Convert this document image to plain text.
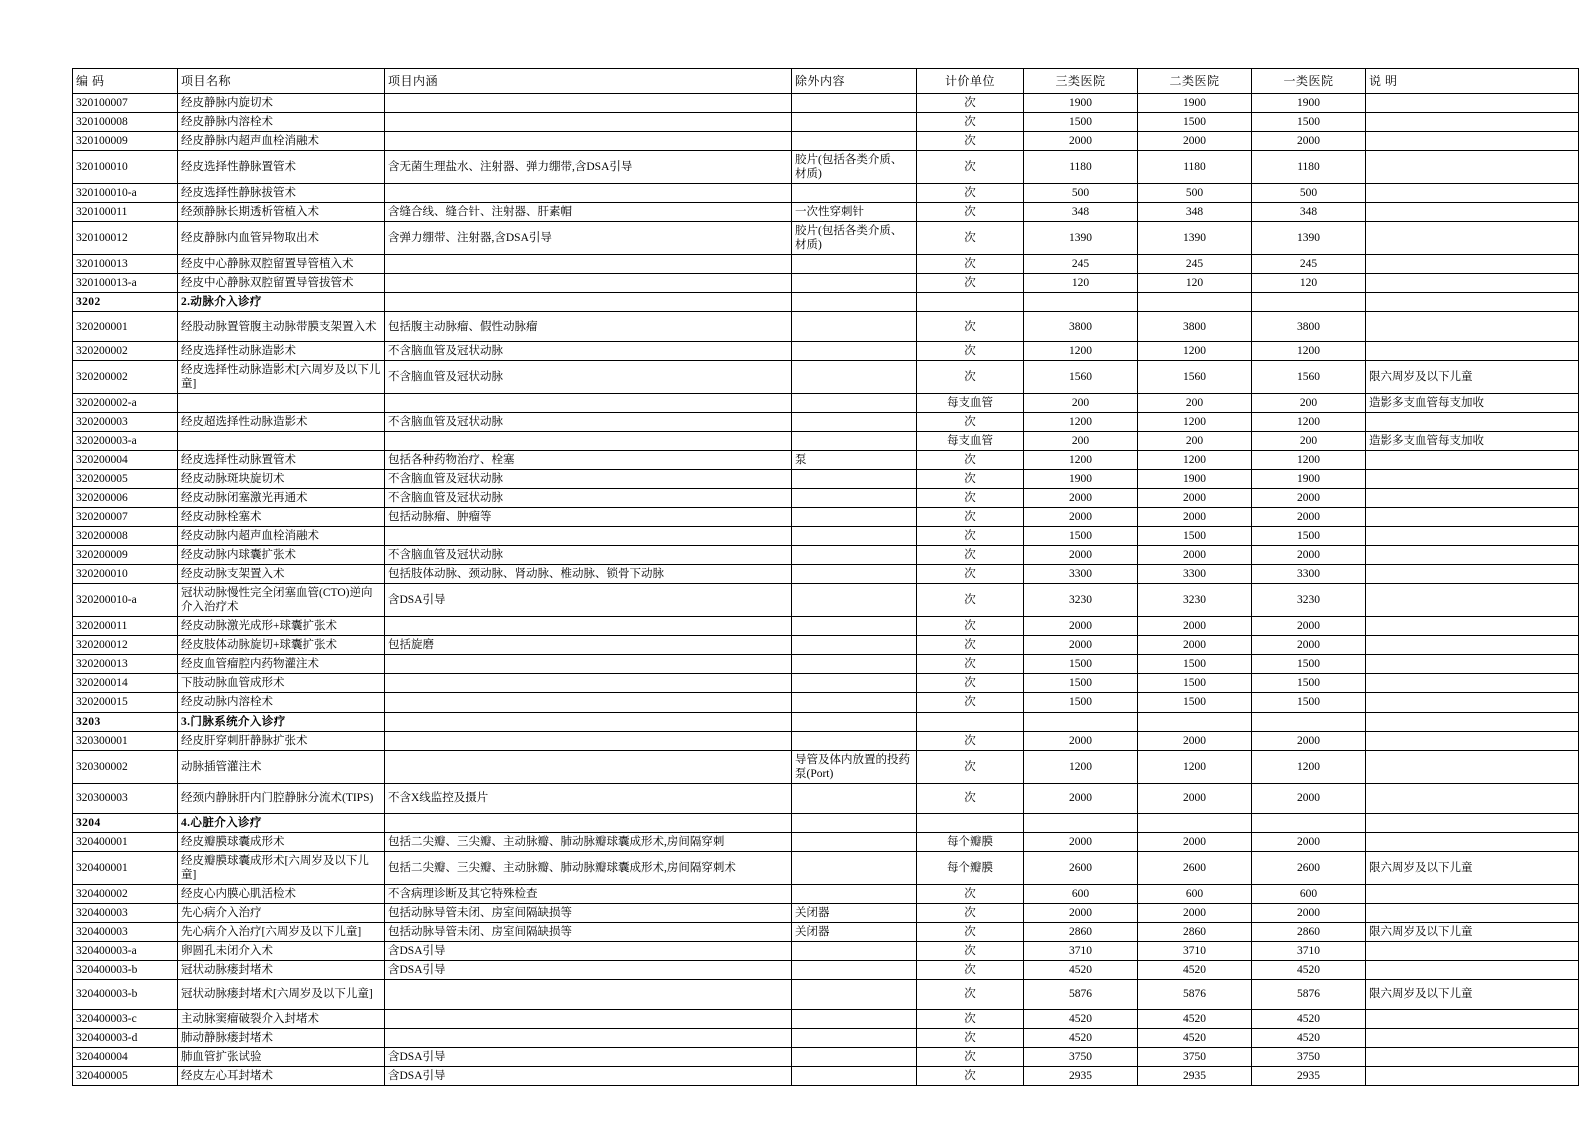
编 码	项目名称	项目内涵	除外内容	计价单位	三类医院	二类医院	一类医院	说 明
320100007	经皮静脉内旋切术			次	1900	1900	1900	
320100008	经皮静脉内溶栓术			次	1500	1500	1500	
320100009	经皮静脉内超声血栓消融术			次	2000	2000	2000	
320100010	经皮选择性静脉置管术	含无菌生理盐水、注射器、弹力绷带,含DSA引导	胶片(包括各类介质、材质)	次	1180	1180	1180	
320100010-a	经皮选择性静脉拔管术			次	500	500	500	
320100011	经颈静脉长期透析管植入术	含缝合线、缝合针、注射器、肝素帽	一次性穿刺针	次	348	348	348	
320100012	经皮静脉内血管异物取出术	含弹力绷带、注射器,含DSA引导	胶片(包括各类介质、材质)	次	1390	1390	1390	
320100013	经皮中心静脉双腔留置导管植入术			次	245	245	245	
320100013-a	经皮中心静脉双腔留置导管拔管术			次	120	120	120	
3202	2.动脉介入诊疗							
320200001	经股动脉置管腹主动脉带膜支架置入术	包括腹主动脉瘤、假性动脉瘤		次	3800	3800	3800	
320200002	经皮选择性动脉造影术	不含脑血管及冠状动脉		次	1200	1200	1200	
320200002	经皮选择性动脉造影术[六周岁及以下儿童]	不含脑血管及冠状动脉		次	1560	1560	1560	限六周岁及以下儿童
320200002-a				每支血管	200	200	200	造影多支血管每支加收
320200003	经皮超选择性动脉造影术	不含脑血管及冠状动脉		次	1200	1200	1200	
320200003-a				每支血管	200	200	200	造影多支血管每支加收
320200004	经皮选择性动脉置管术	包括各种药物治疗、栓塞	泵	次	1200	1200	1200	
320200005	经皮动脉斑块旋切术	不含脑血管及冠状动脉		次	1900	1900	1900	
320200006	经皮动脉闭塞激光再通术	不含脑血管及冠状动脉		次	2000	2000	2000	
320200007	经皮动脉栓塞术	包括动脉瘤、肿瘤等		次	2000	2000	2000	
320200008	经皮动脉内超声血栓消融术			次	1500	1500	1500	
320200009	经皮动脉内球囊扩张术	不含脑血管及冠状动脉		次	2000	2000	2000	
320200010	经皮动脉支架置入术	包括肢体动脉、颈动脉、肾动脉、椎动脉、锁骨下动脉		次	3300	3300	3300	
320200010-a	冠状动脉慢性完全闭塞血管(CTO)逆向介入治疗术	含DSA引导		次	3230	3230	3230	
320200011	经皮动脉激光成形+球囊扩张术			次	2000	2000	2000	
320200012	经皮肢体动脉旋切+球囊扩张术	包括旋磨		次	2000	2000	2000	
320200013	经皮血管瘤腔内药物灌注术			次	1500	1500	1500	
320200014	下肢动脉血管成形术			次	1500	1500	1500	
320200015	经皮动脉内溶栓术			次	1500	1500	1500	
3203	3.门脉系统介入诊疗							
320300001	经皮肝穿刺肝静脉扩张术			次	2000	2000	2000	
320300002	动脉插管灌注术		导管及体内放置的投药泵(Port)	次	1200	1200	1200	
320300003	经颈内静脉肝内门腔静脉分流术(TIPS)	不含X线监控及摄片		次	2000	2000	2000	
3204	4.心脏介入诊疗							
320400001	经皮瓣膜球囊成形术	包括二尖瓣、三尖瓣、主动脉瓣、肺动脉瓣球囊成形术,房间隔穿刺		每个瓣膜	2000	2000	2000	
320400001	经皮瓣膜球囊成形术[六周岁及以下儿童]	包括二尖瓣、三尖瓣、主动脉瓣、肺动脉瓣球囊成形术,房间隔穿刺术		每个瓣膜	2600	2600	2600	限六周岁及以下儿童
320400002	经皮心内膜心肌活检术	不含病理诊断及其它特殊检查		次	600	600	600	
320400003	先心病介入治疗	包括动脉导管未闭、房室间隔缺损等	关闭器	次	2000	2000	2000	
320400003	先心病介入治疗[六周岁及以下儿童]	包括动脉导管未闭、房室间隔缺损等	关闭器	次	2860	2860	2860	限六周岁及以下儿童
320400003-a	卵圆孔未闭介入术	含DSA引导		次	3710	3710	3710	
320400003-b	冠状动脉瘘封堵术	含DSA引导		次	4520	4520	4520	
320400003-b	冠状动脉瘘封堵术[六周岁及以下儿童]			次	5876	5876	5876	限六周岁及以下儿童
320400003-c	主动脉窦瘤破裂介入封堵术			次	4520	4520	4520	
320400003-d	肺动静脉瘘封堵术			次	4520	4520	4520	
320400004	肺血管扩张试验	含DSA引导		次	3750	3750	3750	
320400005	经皮左心耳封堵术	含DSA引导		次	2935	2935	2935	
